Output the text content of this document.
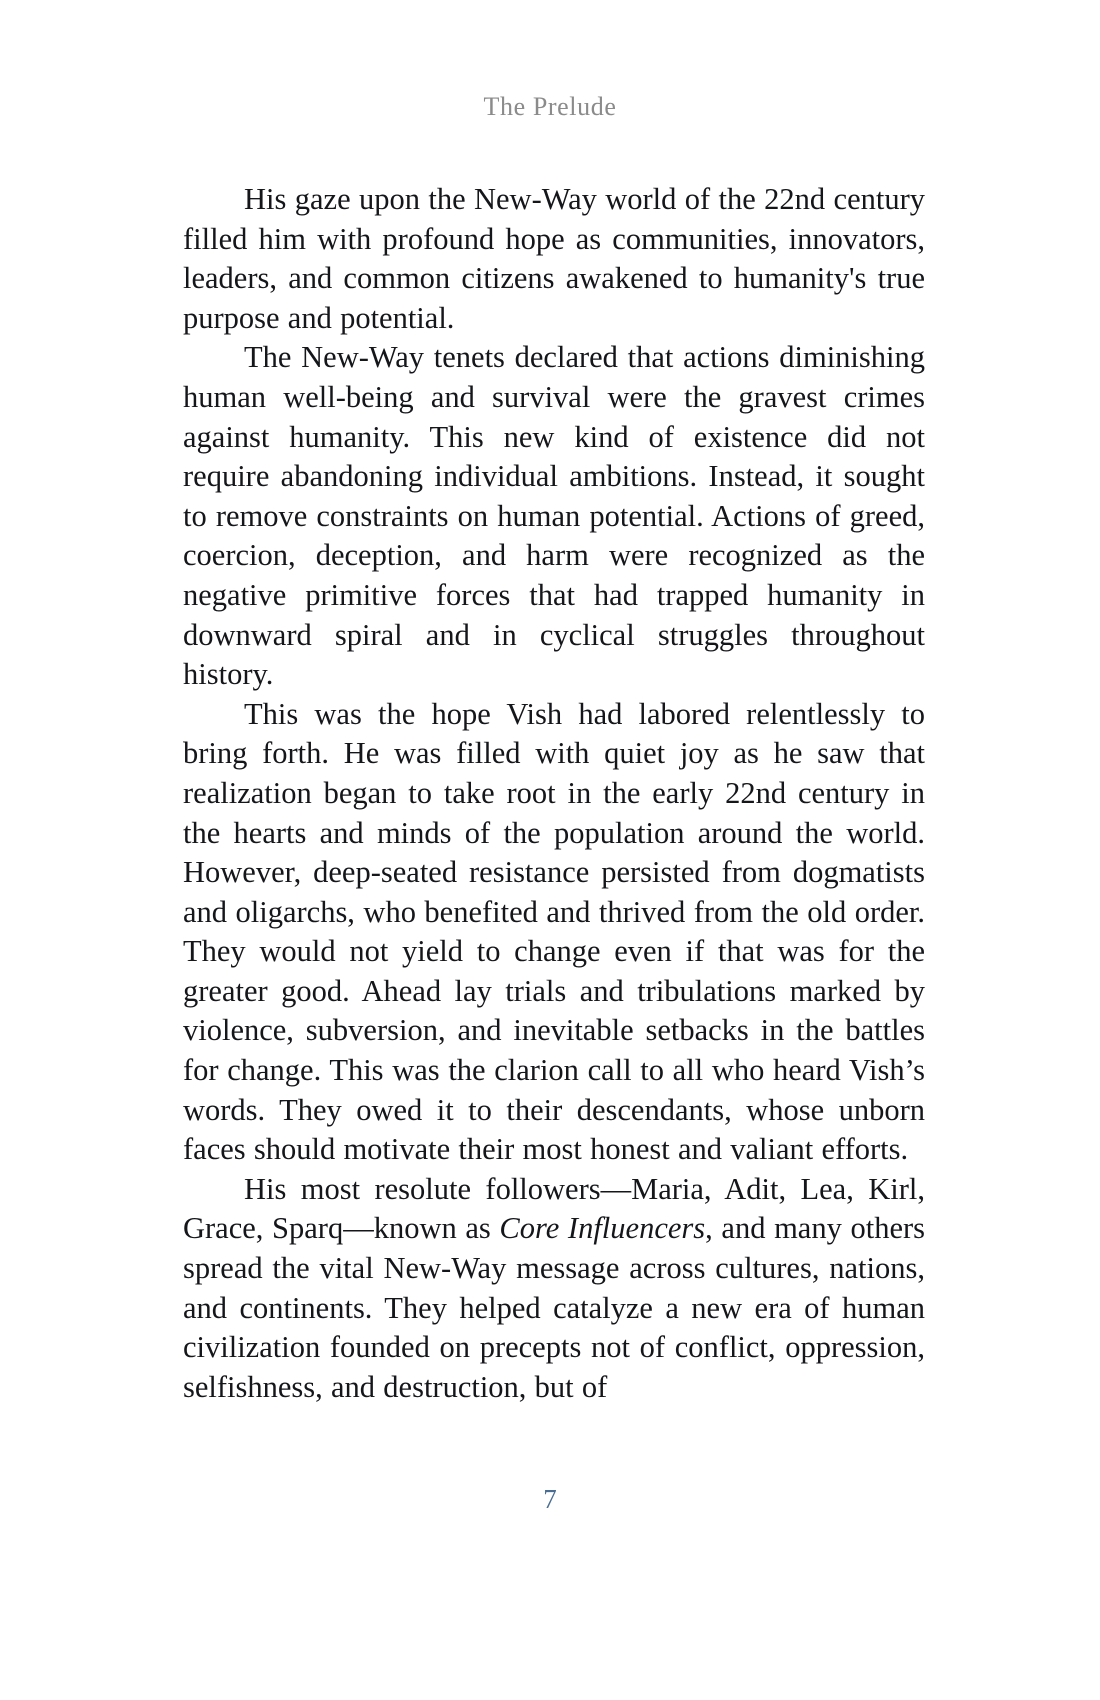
The Prelude

His gaze upon the New-Way world of the 22nd century filled him with profound hope as communities, innovators, leaders, and common citizens awakened to humanity's true purpose and potential.

The New-Way tenets declared that actions diminishing human well-being and survival were the gravest crimes against humanity. This new kind of existence did not require abandoning individual ambitions. Instead, it sought to remove constraints on human potential. Actions of greed, coercion, deception, and harm were recognized as the negative primitive forces that had trapped humanity in downward spiral and in cyclical struggles throughout history.

This was the hope Vish had labored relentlessly to bring forth. He was filled with quiet joy as he saw that realization began to take root in the early 22nd century in the hearts and minds of the population around the world. However, deep-seated resistance persisted from dogmatists and oligarchs, who benefited and thrived from the old order. They would not yield to change even if that was for the greater good. Ahead lay trials and tribulations marked by violence, subversion, and inevitable setbacks in the battles for change. This was the clarion call to all who heard Vish’s words. They owed it to their descendants, whose unborn faces should motivate their most honest and valiant efforts.

His most resolute followers—Maria, Adit, Lea, Kirl, Grace, Sparq—known as Core Influencers, and many others spread the vital New-Way message across cultures, nations, and continents. They helped catalyze a new era of human civilization founded on precepts not of conflict, oppression, selfishness, and destruction, but of

7
